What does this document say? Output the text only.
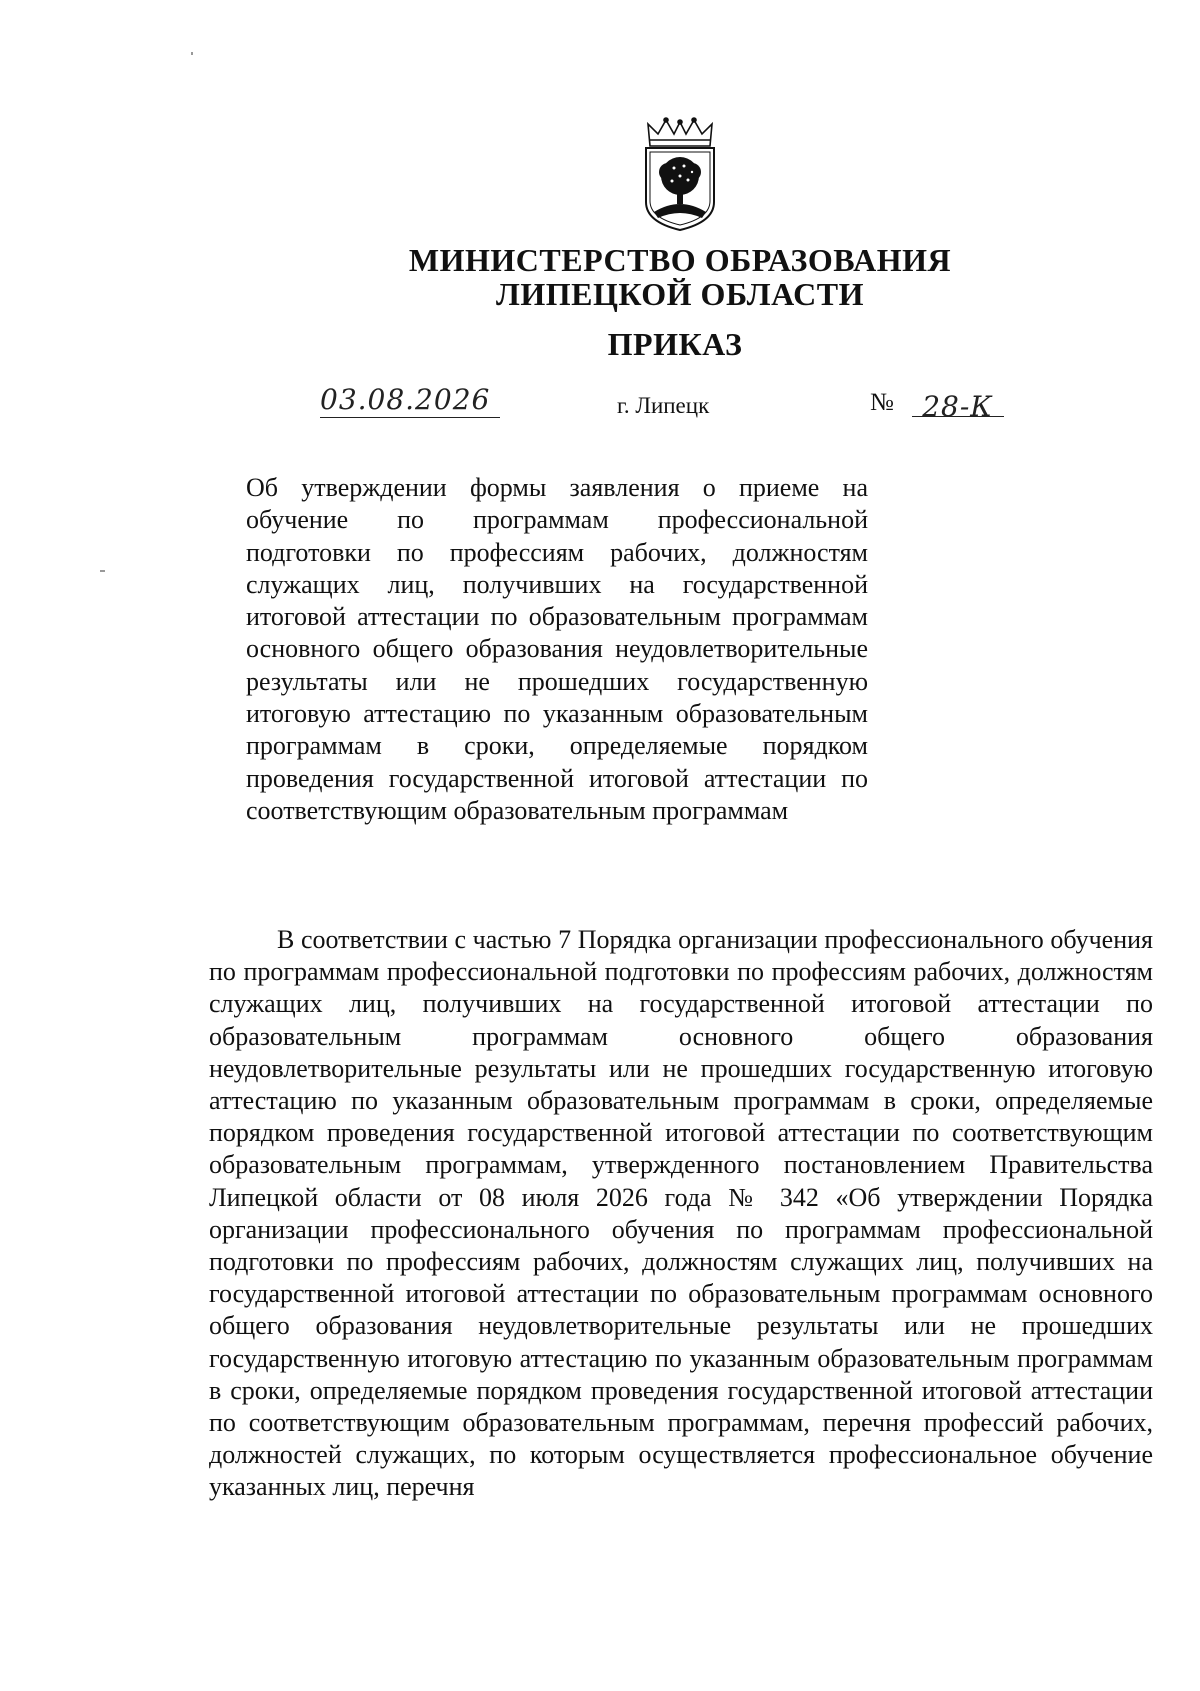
МИНИСТЕРСТВО ОБРАЗОВАНИЯ
ЛИПЕЦКОЙ ОБЛАСТИ
ПРИКАЗ
03.08.2026	г. Липецк	№ 28-К

Об утверждении формы заявления о приеме на обучение по программам профессиональной подготовки по профессиям рабочих, должностям служащих лиц, получивших на государственной итоговой аттестации по образовательным программам основного общего образования неудовлетворительные результаты или не прошедших государственную итоговую аттестацию по указанным образовательным программам в сроки, определяемые порядком проведения государственной итоговой аттестации по соответствующим образовательным программам

В соответствии с частью 7 Порядка организации профессионального обучения по программам профессиональной подготовки по профессиям рабочих, должностям служащих лиц, получивших на государственной итоговой аттестации по образовательным программам основного общего образования неудовлетворительные результаты или не прошедших государственную итоговую аттестацию по указанным образовательным программам в сроки, определяемые порядком проведения государственной итоговой аттестации по соответствующим образовательным программам, утвержденного постановлением Правительства Липецкой области от 08 июля 2026 года № 342 «Об утверждении Порядка организации профессионального обучения по программам профессиональной подготовки по профессиям рабочих, должностям служащих лиц, получивших на государственной итоговой аттестации по образовательным программам основного общего образования неудовлетворительные результаты или не прошедших государственную итоговую аттестацию по указанным образовательным программам в сроки, определяемые порядком проведения государственной итоговой аттестации по соответствующим образовательным программам, перечня профессий рабочих, должностей служащих, по которым осуществляется профессиональное обучение указанных лиц, перечня
